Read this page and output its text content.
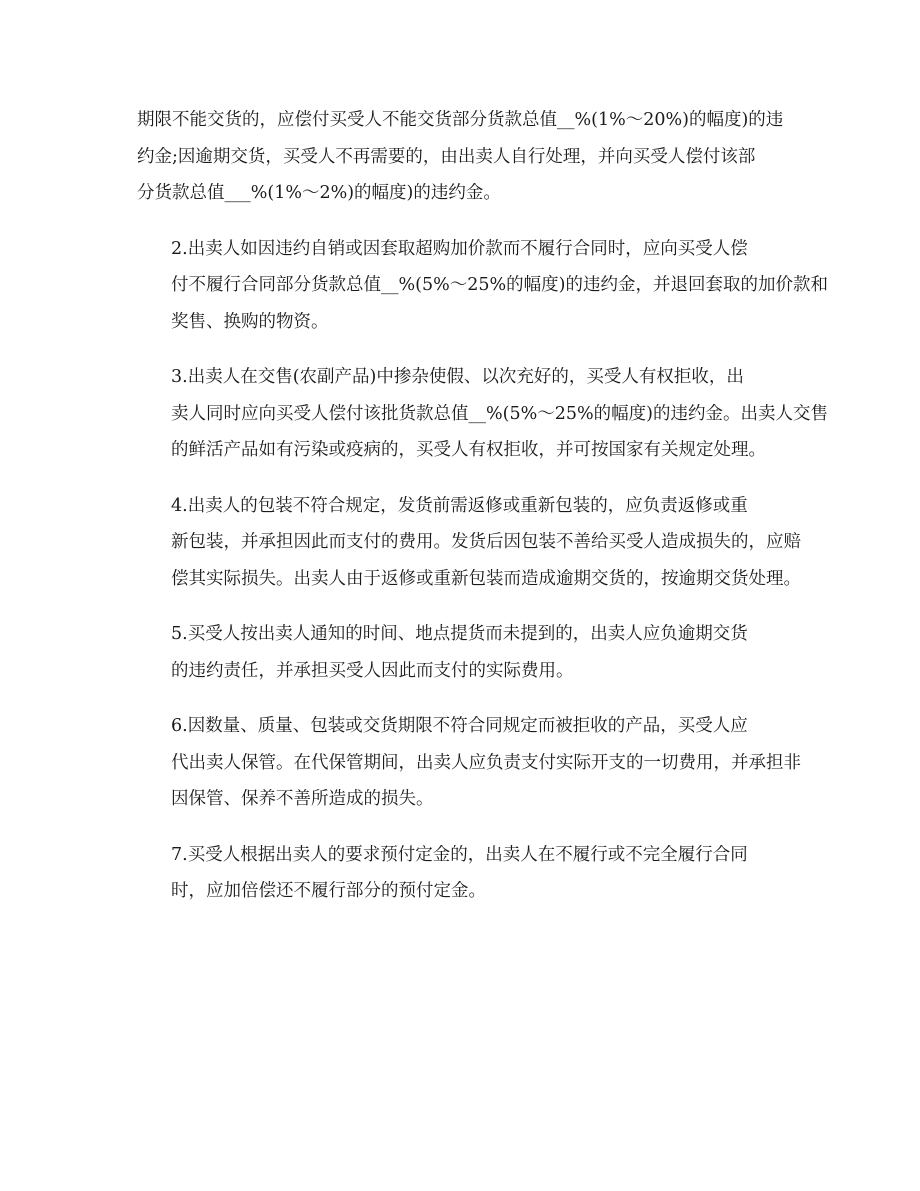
期限不能交货的，应偿付买受人不能交货部分货款总值__%(1%～20%)的幅度)的违
约金;因逾期交货，买受人不再需要的，由出卖人自行处理，并向买受人偿付该部
分货款总值___%(1%～2%)的幅度)的违约金。

2.出卖人如因违约自销或因套取超购加价款而不履行合同时，应向买受人偿
付不履行合同部分货款总值__%(5%～25%的幅度)的违约金，并退回套取的加价款和
奖售、换购的物资。

3.出卖人在交售(农副产品)中掺杂使假、以次充好的，买受人有权拒收，出
卖人同时应向买受人偿付该批货款总值__%(5%～25%的幅度)的违约金。出卖人交售
的鲜活产品如有污染或疫病的，买受人有权拒收，并可按国家有关规定处理。

4.出卖人的包装不符合规定，发货前需返修或重新包装的，应负责返修或重
新包装，并承担因此而支付的费用。发货后因包装不善给买受人造成损失的，应赔
偿其实际损失。出卖人由于返修或重新包装而造成逾期交货的，按逾期交货处理。

5.买受人按出卖人通知的时间、地点提货而未提到的，出卖人应负逾期交货
的违约责任，并承担买受人因此而支付的实际费用。

6.因数量、质量、包装或交货期限不符合同规定而被拒收的产品，买受人应
代出卖人保管。在代保管期间，出卖人应负责支付实际开支的一切费用，并承担非
因保管、保养不善所造成的损失。

7.买受人根据出卖人的要求预付定金的，出卖人在不履行或不完全履行合同
时，应加倍偿还不履行部分的预付定金。
